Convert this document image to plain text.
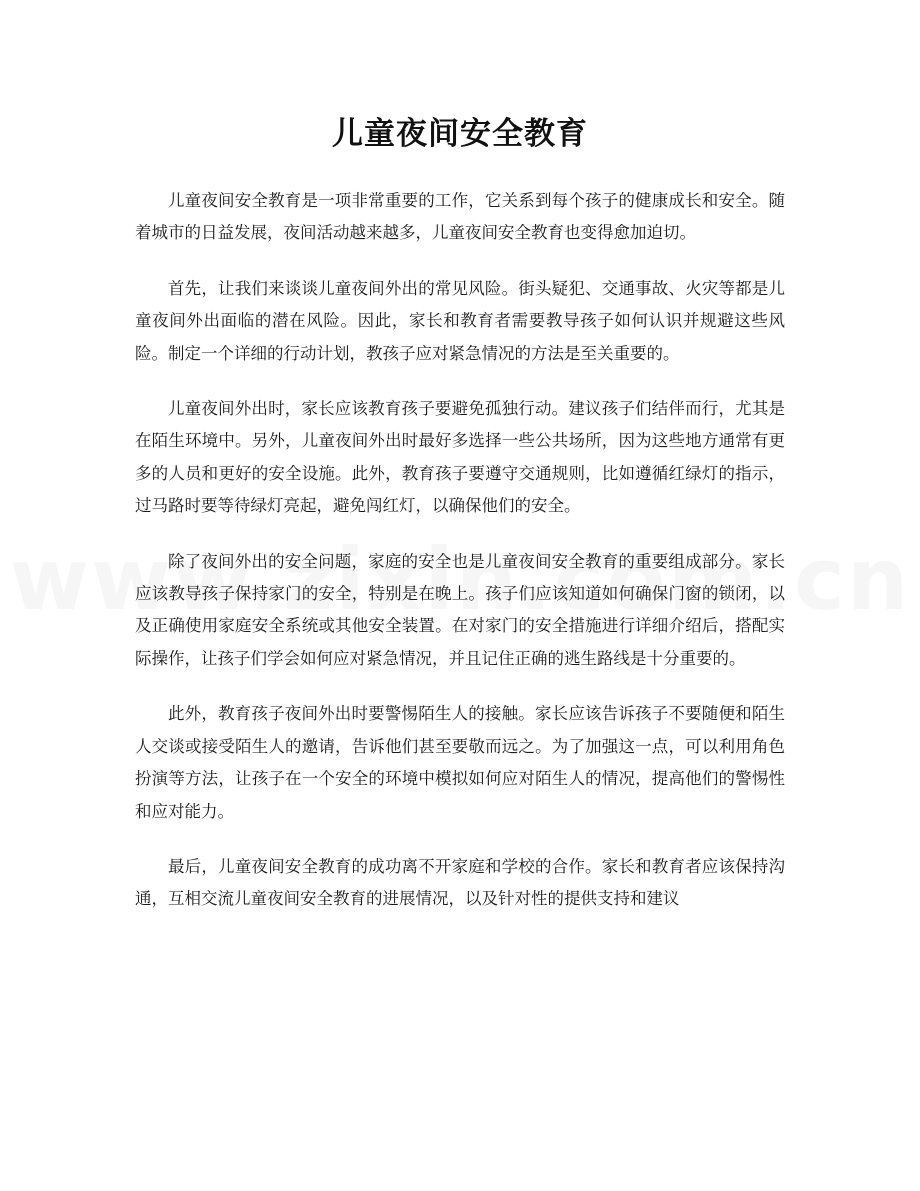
儿童夜间安全教育

儿童夜间安全教育是一项非常重要的工作，它关系到每个孩子的健康成长和安全。随着城市的日益发展，夜间活动越来越多，儿童夜间安全教育也变得愈加迫切。

首先，让我们来谈谈儿童夜间外出的常见风险。街头疑犯、交通事故、火灾等都是儿童夜间外出面临的潜在风险。因此，家长和教育者需要教导孩子如何认识并规避这些风险。制定一个详细的行动计划，教孩子应对紧急情况的方法是至关重要的。

儿童夜间外出时，家长应该教育孩子要避免孤独行动。建议孩子们结伴而行，尤其是在陌生环境中。另外，儿童夜间外出时最好多选择一些公共场所，因为这些地方通常有更多的人员和更好的安全设施。此外，教育孩子要遵守交通规则，比如遵循红绿灯的指示，过马路时要等待绿灯亮起，避免闯红灯，以确保他们的安全。

除了夜间外出的安全问题，家庭的安全也是儿童夜间安全教育的重要组成部分。家长应该教导孩子保持家门的安全，特别是在晚上。孩子们应该知道如何确保门窗的锁闭，以及正确使用家庭安全系统或其他安全装置。在对家门的安全措施进行详细介绍后，搭配实际操作，让孩子们学会如何应对紧急情况，并且记住正确的逃生路线是十分重要的。

此外，教育孩子夜间外出时要警惕陌生人的接触。家长应该告诉孩子不要随便和陌生人交谈或接受陌生人的邀请，告诉他们甚至要敬而远之。为了加强这一点，可以利用角色扮演等方法，让孩子在一个安全的环境中模拟如何应对陌生人的情况，提高他们的警惕性和应对能力。

最后，儿童夜间安全教育的成功离不开家庭和学校的合作。家长和教育者应该保持沟通，互相交流儿童夜间安全教育的进展情况，以及针对性的提供支持和建议
